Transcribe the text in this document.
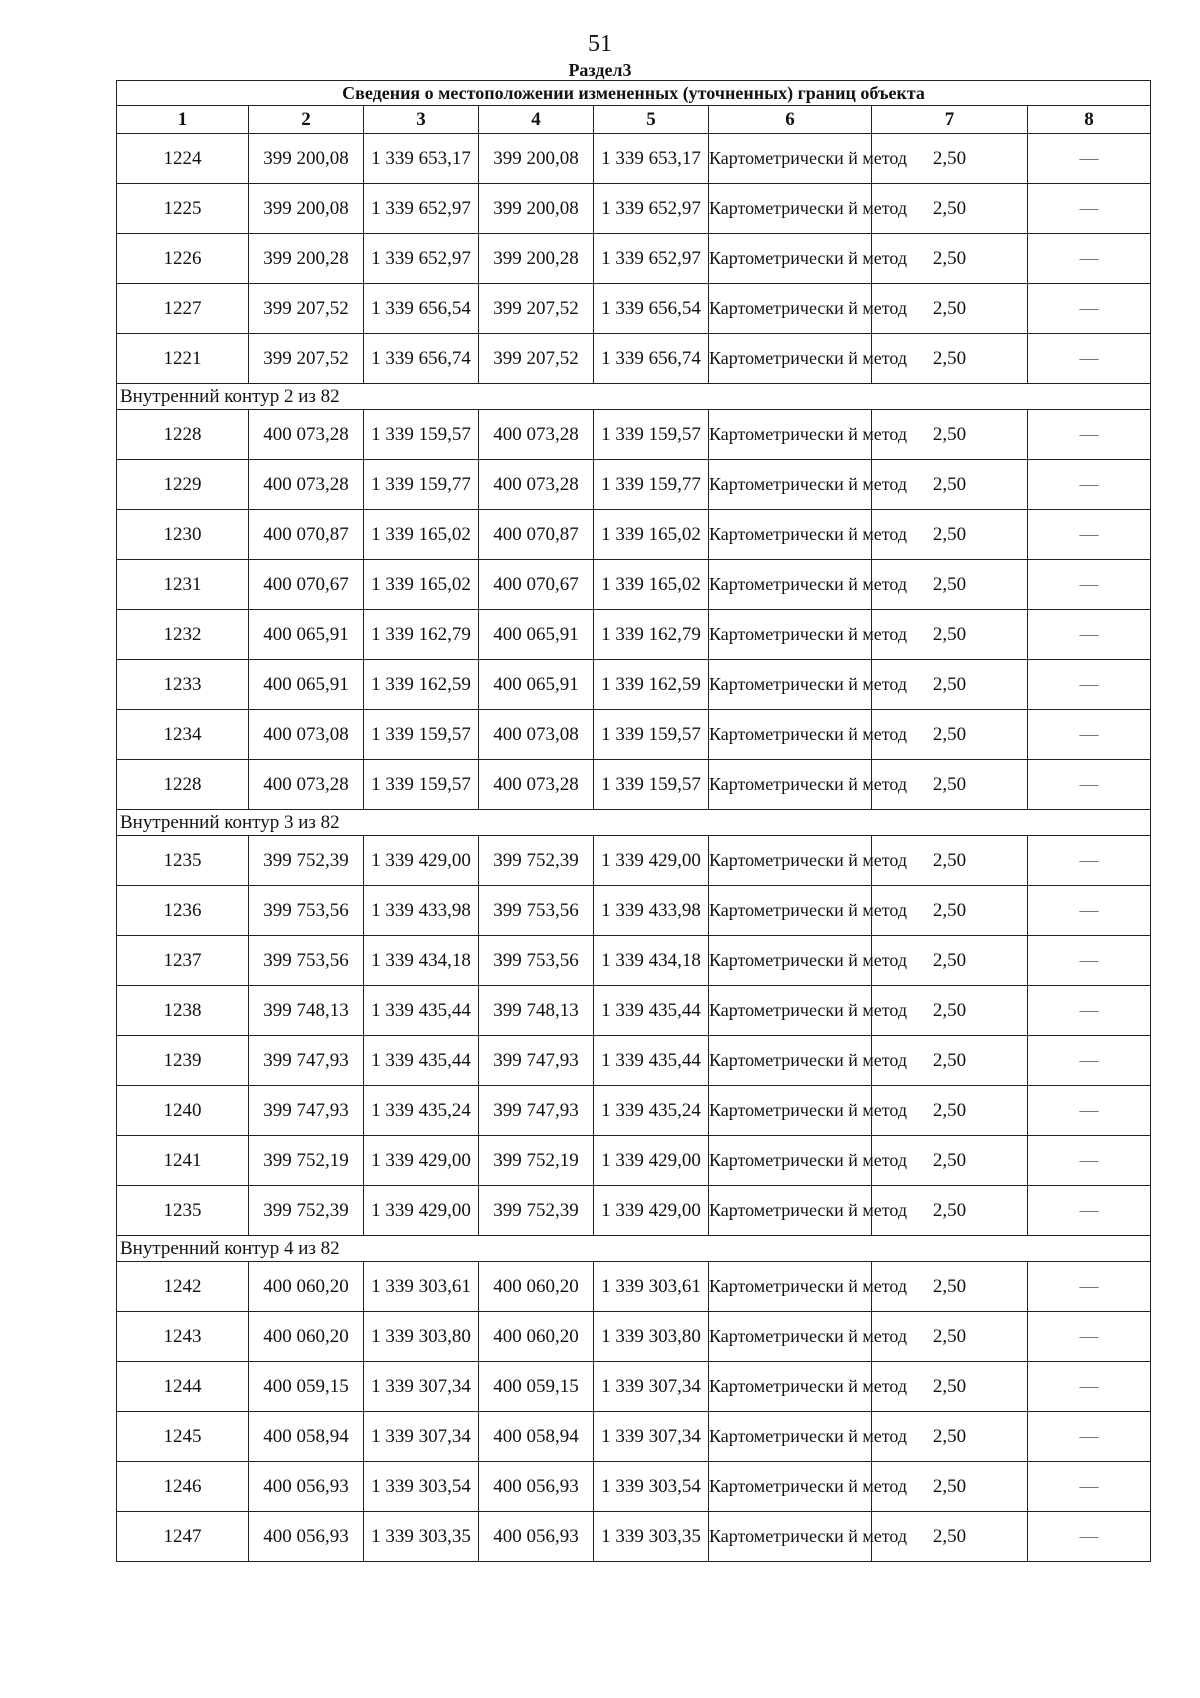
51
Раздел3
Сведения о местоположении измененных (уточненных) границ объекта							
1	2	3	4	5	6	7	8
1224	399 200,08	1 339 653,17	399 200,08	1 339 653,17	Картометрически й метод	2,50	—
1225	399 200,08	1 339 652,97	399 200,08	1 339 652,97	Картометрически й метод	2,50	—
1226	399 200,28	1 339 652,97	399 200,28	1 339 652,97	Картометрически й метод	2,50	—
1227	399 207,52	1 339 656,54	399 207,52	1 339 656,54	Картометрически й метод	2,50	—
1221	399 207,52	1 339 656,74	399 207,52	1 339 656,74	Картометрически й метод	2,50	—
Внутренний контур 2 из 82							
1228	400 073,28	1 339 159,57	400 073,28	1 339 159,57	Картометрически й метод	2,50	—
1229	400 073,28	1 339 159,77	400 073,28	1 339 159,77	Картометрически й метод	2,50	—
1230	400 070,87	1 339 165,02	400 070,87	1 339 165,02	Картометрически й метод	2,50	—
1231	400 070,67	1 339 165,02	400 070,67	1 339 165,02	Картометрически й метод	2,50	—
1232	400 065,91	1 339 162,79	400 065,91	1 339 162,79	Картометрически й метод	2,50	—
1233	400 065,91	1 339 162,59	400 065,91	1 339 162,59	Картометрически й метод	2,50	—
1234	400 073,08	1 339 159,57	400 073,08	1 339 159,57	Картометрически й метод	2,50	—
1228	400 073,28	1 339 159,57	400 073,28	1 339 159,57	Картометрически й метод	2,50	—
Внутренний контур 3 из 82							
1235	399 752,39	1 339 429,00	399 752,39	1 339 429,00	Картометрически й метод	2,50	—
1236	399 753,56	1 339 433,98	399 753,56	1 339 433,98	Картометрически й метод	2,50	—
1237	399 753,56	1 339 434,18	399 753,56	1 339 434,18	Картометрически й метод	2,50	—
1238	399 748,13	1 339 435,44	399 748,13	1 339 435,44	Картометрически й метод	2,50	—
1239	399 747,93	1 339 435,44	399 747,93	1 339 435,44	Картометрически й метод	2,50	—
1240	399 747,93	1 339 435,24	399 747,93	1 339 435,24	Картометрически й метод	2,50	—
1241	399 752,19	1 339 429,00	399 752,19	1 339 429,00	Картометрически й метод	2,50	—
1235	399 752,39	1 339 429,00	399 752,39	1 339 429,00	Картометрически й метод	2,50	—
Внутренний контур 4 из 82							
1242	400 060,20	1 339 303,61	400 060,20	1 339 303,61	Картометрически й метод	2,50	—
1243	400 060,20	1 339 303,80	400 060,20	1 339 303,80	Картометрически й метод	2,50	—
1244	400 059,15	1 339 307,34	400 059,15	1 339 307,34	Картометрически й метод	2,50	—
1245	400 058,94	1 339 307,34	400 058,94	1 339 307,34	Картометрически й метод	2,50	—
1246	400 056,93	1 339 303,54	400 056,93	1 339 303,54	Картометрически й метод	2,50	—
1247	400 056,93	1 339 303,35	400 056,93	1 339 303,35	Картометрически й метод	2,50	—
